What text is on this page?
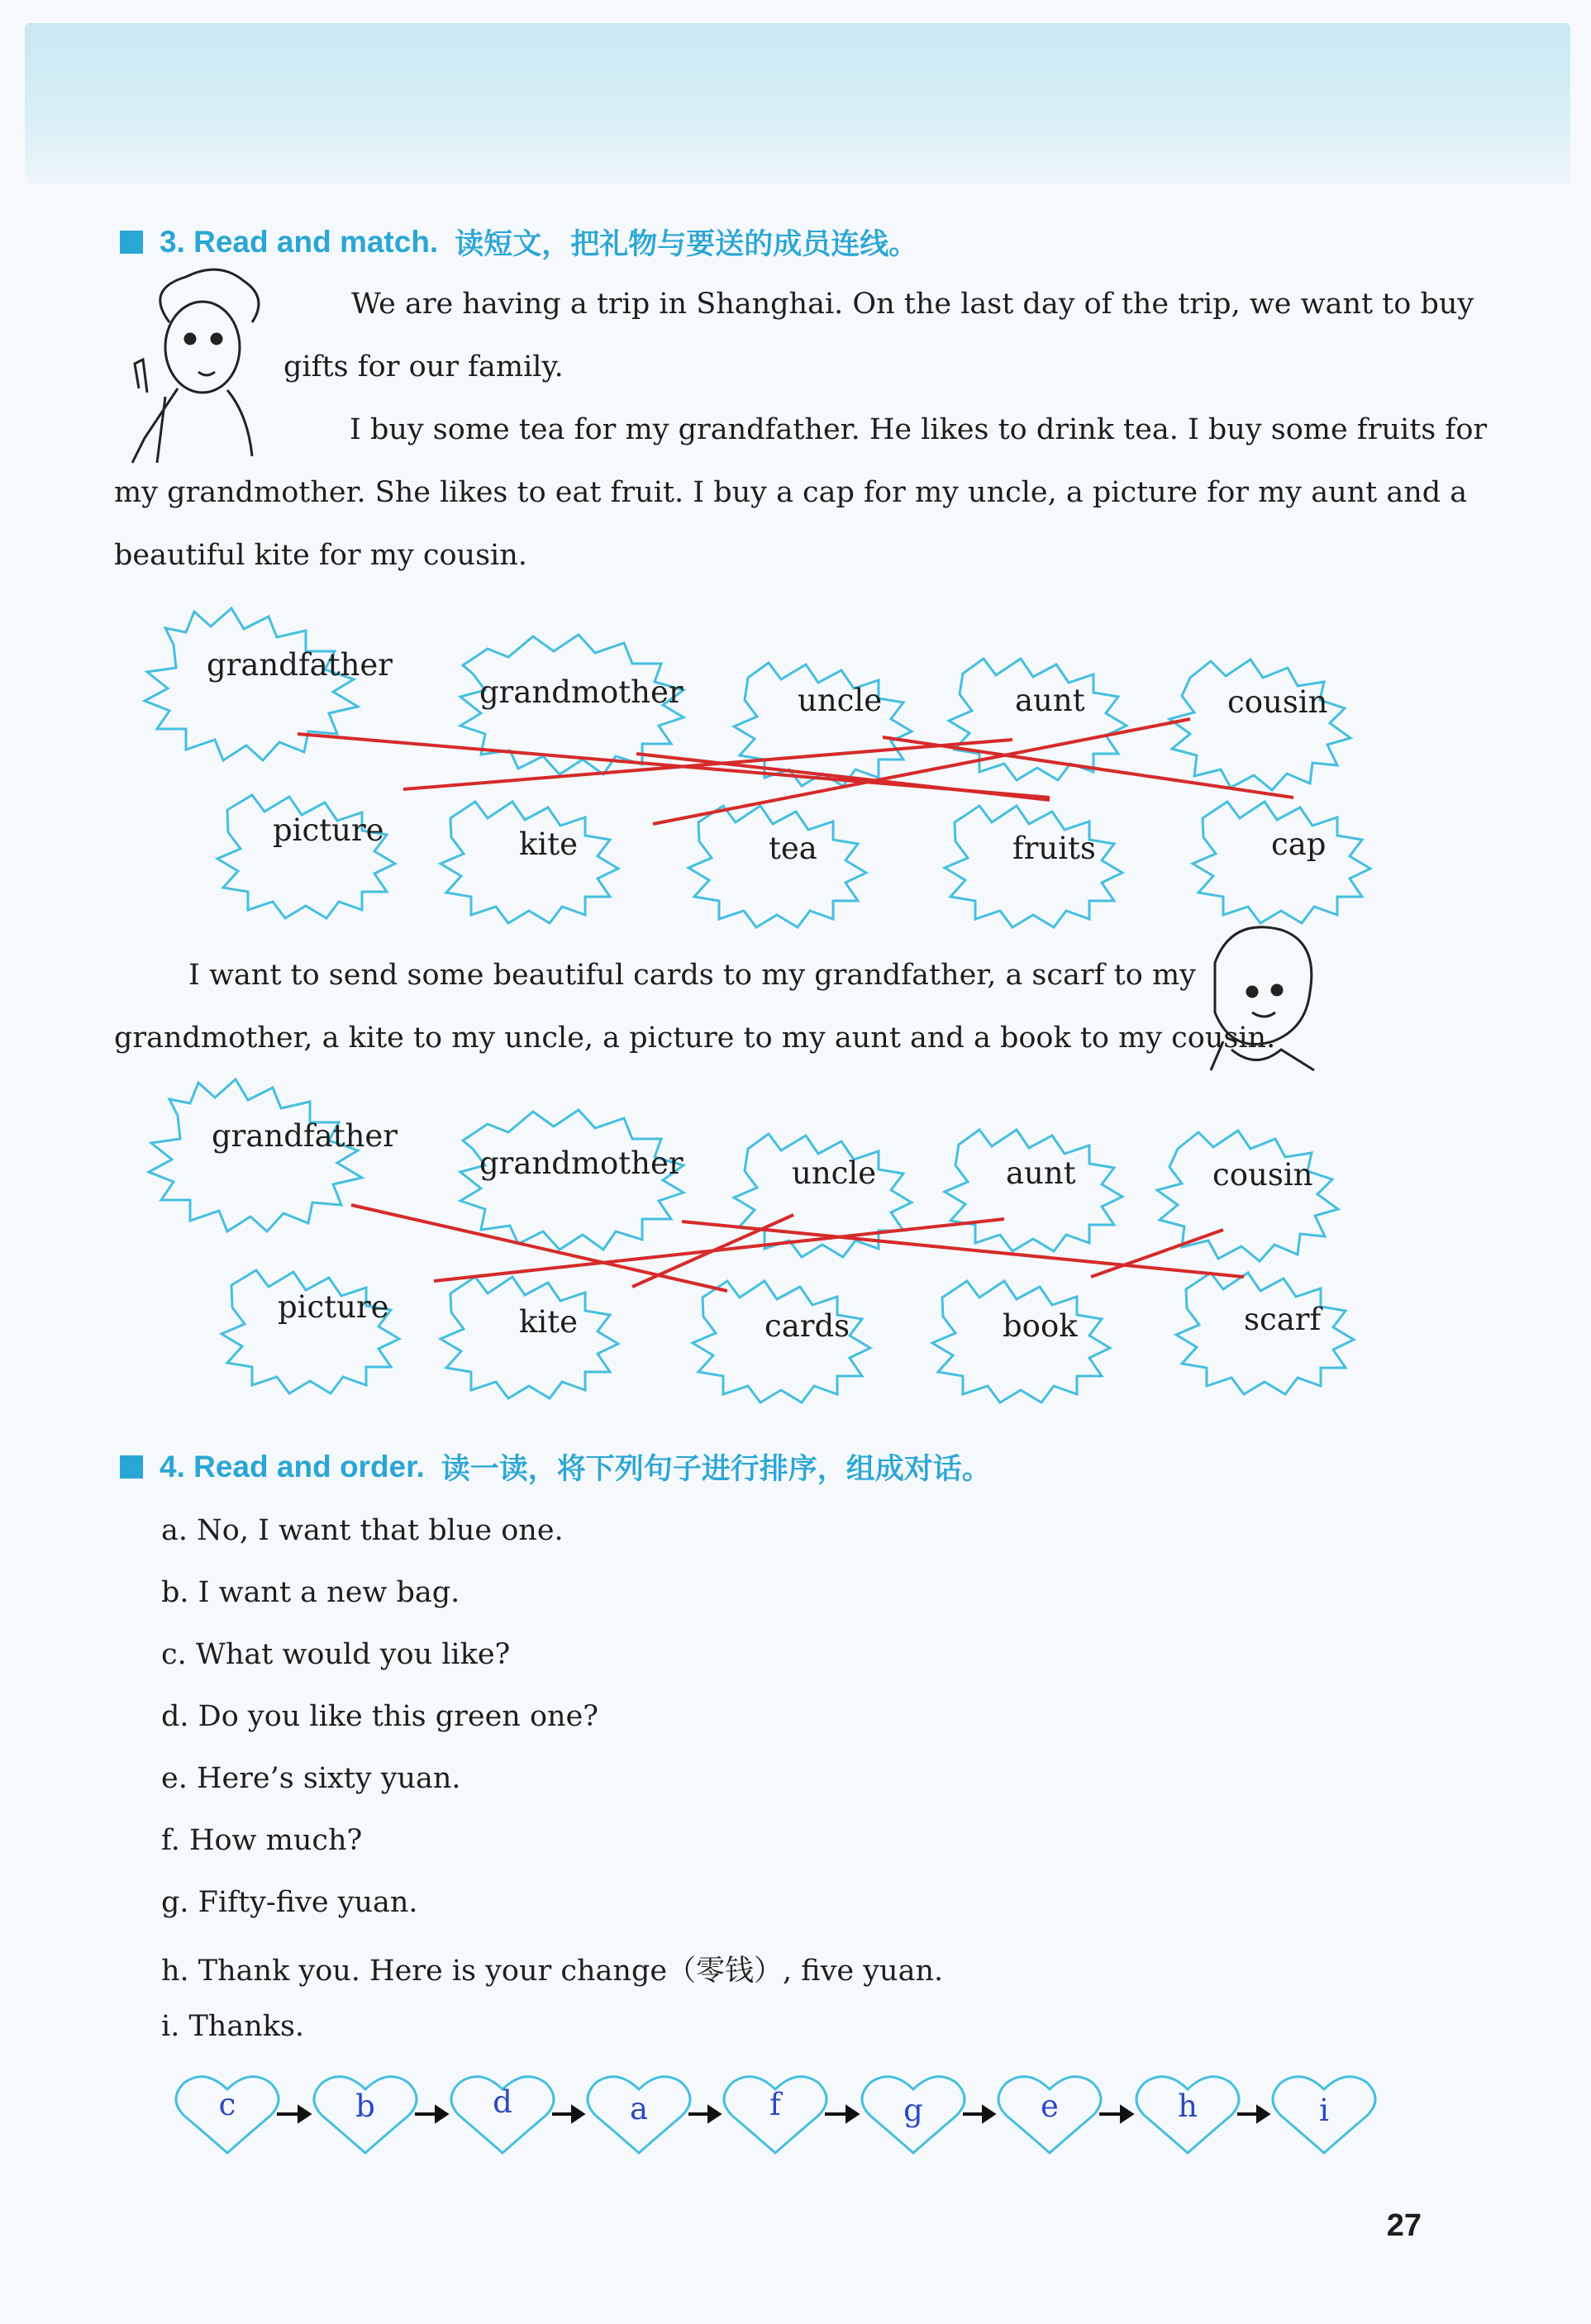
3. Read and match. 读短文，把礼物与要送的成员连线。
We are having a trip in Shanghai. On the last day of the trip, we want to buy
gifts for our family.
I buy some tea for my grandfather. He likes to drink tea. I buy some fruits for
my grandmother. She likes to eat fruit. I buy a cap for my uncle, a picture for my aunt and a
beautiful kite for my cousin.
grandfather
grandmother	uncle	aunt	cousin
picture	kite	tea	fruits	cap
I want to send some beautiful cards to my grandfather, a scarf to my
grandmother, a kite to my uncle, a picture to my aunt and a book to my cousin.
grandfather
grandmother	uncle	aunt	cousin
picture	kite	cards	book	scarf
4. Read and order. 读一读，将下列句子进行排序，组成对话。
a. No, I want that blue one.
b. I want a new bag.
c. What would you like?
d. Do you like this green one?
e. Here’s sixty yuan.
f. How much?
g. Fifty-five yuan.
h. Thank you. Here is your change（零钱）, five yuan.
i. Thanks.
c	b	d	a	f	g	e	h	i
27
